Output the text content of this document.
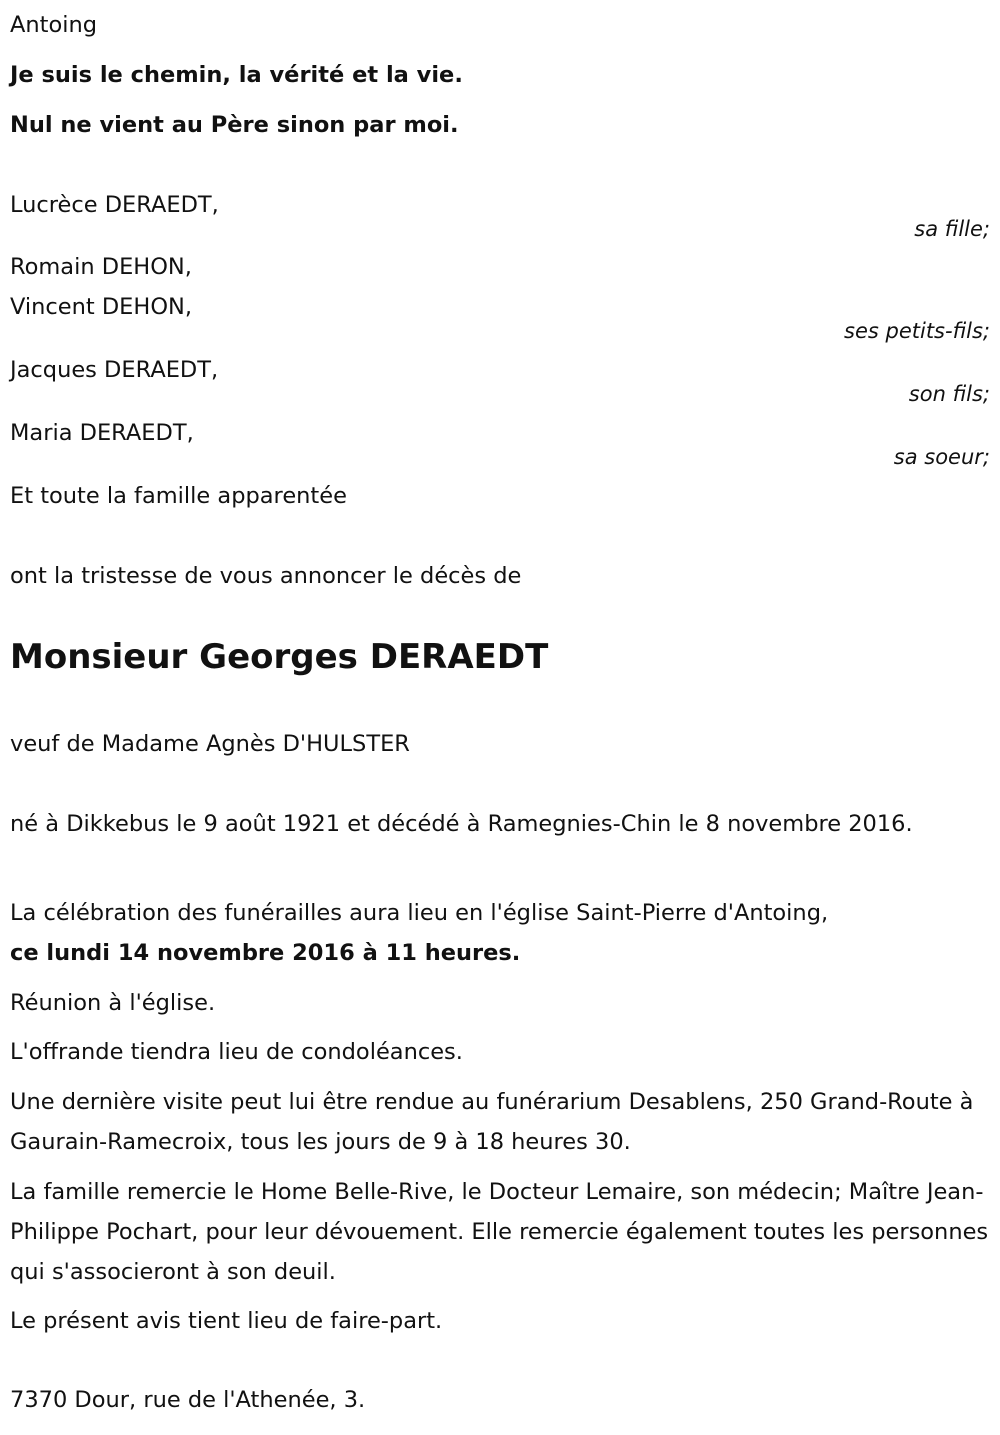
Antoing
Je suis le chemin, la vérité et la vie.
Nul ne vient au Père sinon par moi.
Lucrèce DERAEDT,
sa fille;
Romain DEHON,
Vincent DEHON,
ses petits-fils;
Jacques DERAEDT,
son fils;
Maria DERAEDT,
sa soeur;
Et toute la famille apparentée
ont la tristesse de vous annoncer le décès de
Monsieur Georges DERAEDT
veuf de Madame Agnès D'HULSTER
né à Dikkebus le 9 août 1921 et décédé à Ramegnies-Chin le 8 novembre 2016.
La célébration des funérailles aura lieu en l'église Saint-Pierre d'Antoing,
ce lundi 14 novembre 2016 à 11 heures.
Réunion à l'église.
L'offrande tiendra lieu de condoléances.
Une dernière visite peut lui être rendue au funérarium Desablens, 250 Grand-Route à Gaurain-Ramecroix, tous les jours de 9 à 18 heures 30.
La famille remercie le Home Belle-Rive, le Docteur Lemaire, son médecin; Maître Jean-Philippe Pochart, pour leur dévouement. Elle remercie également toutes les personnes qui s'associeront à son deuil.
Le présent avis tient lieu de faire-part.
7370 Dour, rue de l'Athenée, 3.
